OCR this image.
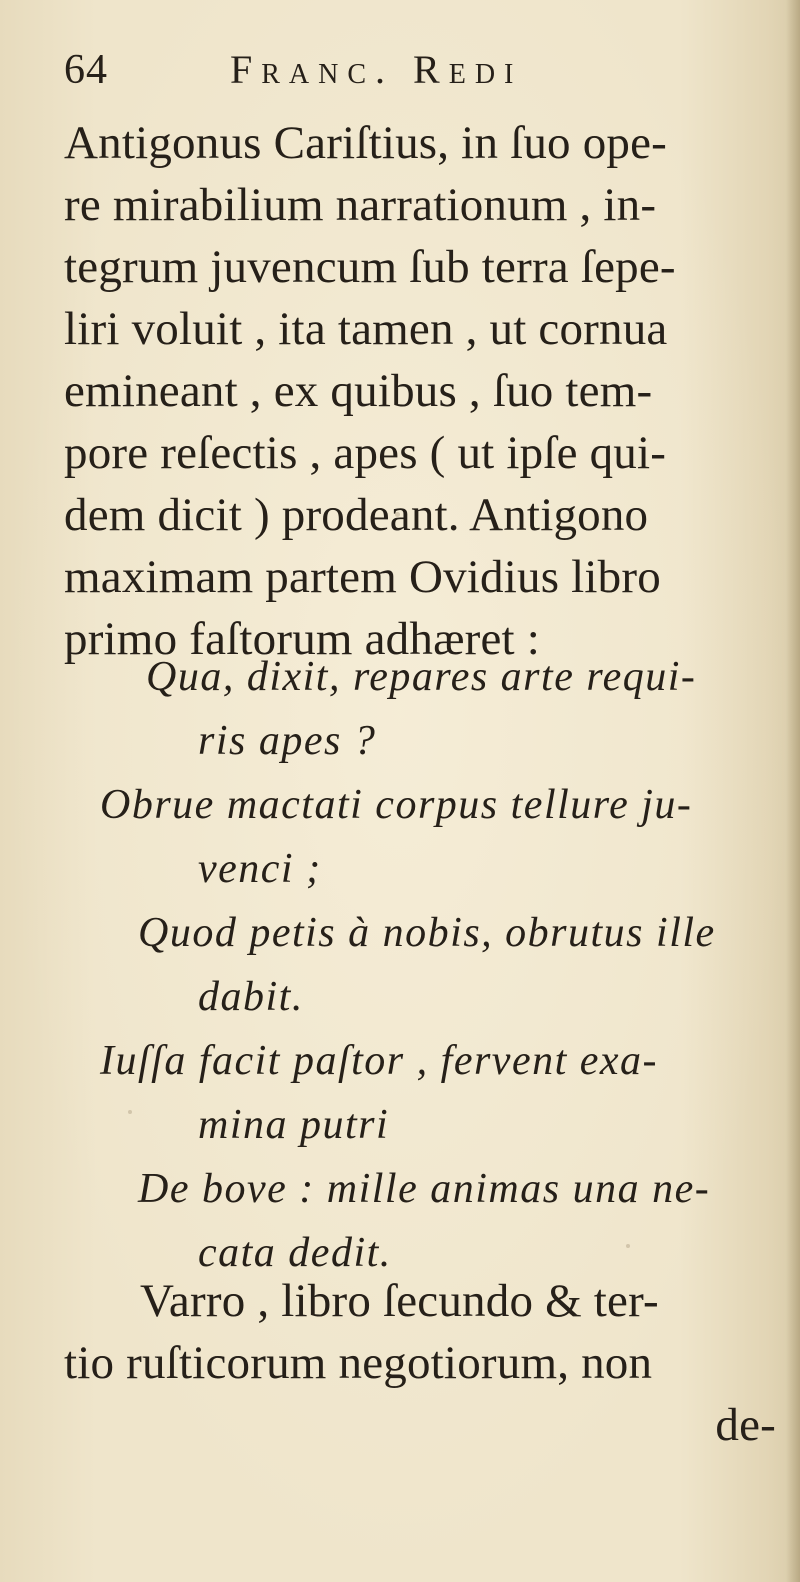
64	Franc. Redi
Antigonus Cariſtius, in ſuo ope-
re mirabilium narrationum , in-
tegrum juvencum ſub terra ſepe-
liri voluit , ita tamen , ut cornua
emineant , ex quibus , ſuo tem-
pore reſectis , apes ( ut ipſe qui-
dem dicit ) prodeant. Antigono
maximam partem Ovidius libro
primo faſtorum adhæret :
Qua, dixit, repares arte requi-
ris apes ?
Obrue mactati corpus tellure ju-
venci ;
Quod petis à nobis, obrutus ille
dabit.
Iuſſa facit paſtor , fervent exa-
mina putri
De bove : mille animas una ne-
cata dedit.
Varro , libro ſecundo & ter-
tio ruſticorum negotiorum, non
de-
